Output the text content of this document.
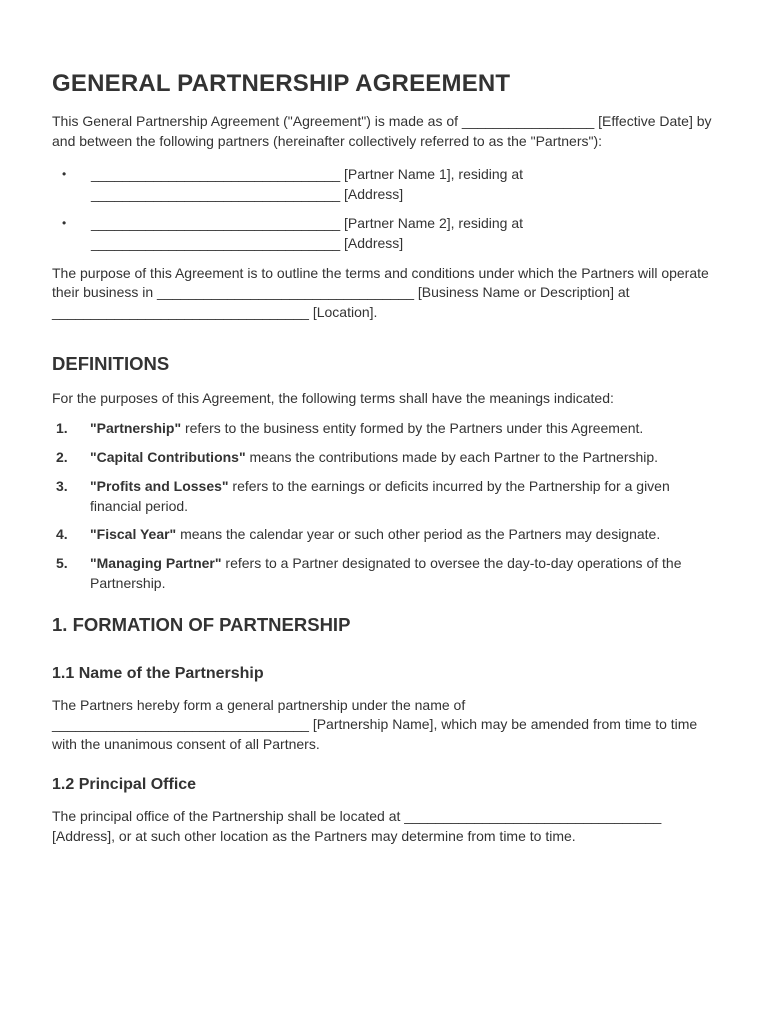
GENERAL PARTNERSHIP AGREEMENT

This General Partnership Agreement ("Agreement") is made as of _________________ [Effective Date] by and between the following partners (hereinafter collectively referred to as the "Partners"):

• ________________________________ [Partner Name 1], residing at
________________________________ [Address]
• ________________________________ [Partner Name 2], residing at
________________________________ [Address]

The purpose of this Agreement is to outline the terms and conditions under which the Partners will operate their business in _________________________________ [Business Name or Description] at _________________________________ [Location].

DEFINITIONS

For the purposes of this Agreement, the following terms shall have the meanings indicated:

1. "Partnership" refers to the business entity formed by the Partners under this Agreement.
2. "Capital Contributions" means the contributions made by each Partner to the Partnership.
3. "Profits and Losses" refers to the earnings or deficits incurred by the Partnership for a given financial period.
4. "Fiscal Year" means the calendar year or such other period as the Partners may designate.
5. "Managing Partner" refers to a Partner designated to oversee the day-to-day operations of the Partnership.
1. FORMATION OF PARTNERSHIP
1.1 Name of the Partnership

The Partners hereby form a general partnership under the name of _________________________________ [Partnership Name], which may be amended from time to time with the unanimous consent of all Partners.

1.2 Principal Office

The principal office of the Partnership shall be located at _________________________________ [Address], or at such other location as the Partners may determine from time to time.
